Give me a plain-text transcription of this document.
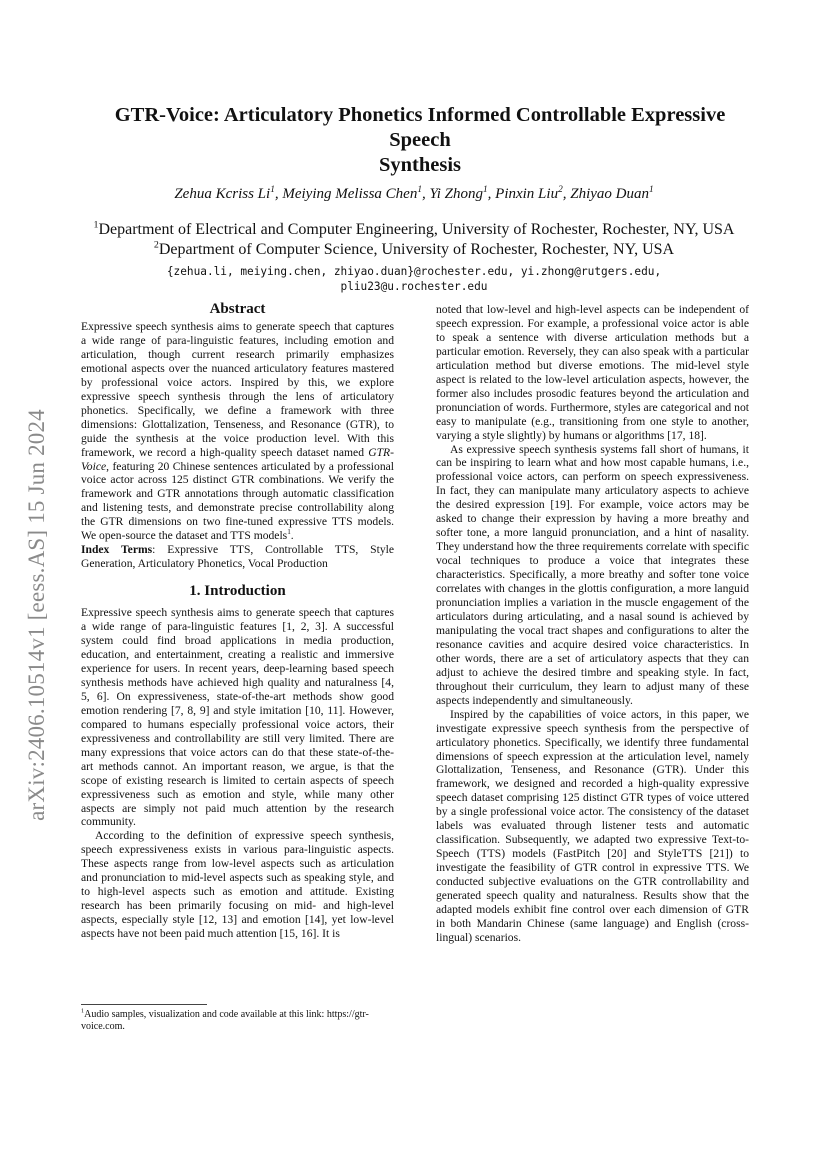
arXiv:2406.10514v1 [eess.AS] 15 Jun 2024
GTR-Voice: Articulatory Phonetics Informed Controllable Expressive Speech
Synthesis
Zehua Kcriss Li$^1$, Meiying Melissa Chen$^1$, Yi Zhong$^1$, Pinxin Liu$^2$, Zhiyao Duan$^1$
$^1$Department of Electrical and Computer Engineering, University of Rochester, Rochester, NY, USA
$^2$Department of Computer Science, University of Rochester, Rochester, NY, USA
{zehua.li, meiying.chen, zhiyao.duan}@rochester.edu, yi.zhong@rutgers.edu,
pliu23@u.rochester.edu
Abstract

Expressive speech synthesis aims to generate speech that captures a wide range of para-linguistic features, including emotion and articulation, though current research primarily emphasizes emotional aspects over the nuanced articulatory features mastered by professional voice actors. Inspired by this, we explore expressive speech synthesis through the lens of articulatory phonetics. Specifically, we define a framework with three dimensions: Glottalization, Tenseness, and Resonance (GTR), to guide the synthesis at the voice production level. With this framework, we record a high-quality speech dataset named GTR-Voice, featuring 20 Chinese sentences articulated by a professional voice actor across 125 distinct GTR combinations. We verify the framework and GTR annotations through automatic classification and listening tests, and demonstrate precise controllability along the GTR dimensions on two fine-tuned expressive TTS models. We open-source the dataset and TTS models$^1$.

Index Terms: Expressive TTS, Controllable TTS, Style Generation, Articulatory Phonetics, Vocal Production

1. Introduction

Expressive speech synthesis aims to generate speech that captures a wide range of para-linguistic features [1, 2, 3]. A successful system could find broad applications in media production, education, and entertainment, creating a realistic and immersive experience for users. In recent years, deep-learning based speech synthesis methods have achieved high quality and naturalness [4, 5, 6]. On expressiveness, state-of-the-art methods show good emotion rendering [7, 8, 9] and style imitation [10, 11]. However, compared to humans especially professional voice actors, their expressiveness and controllability are still very limited. There are many expressions that voice actors can do that these state-of-the-art methods cannot. An important reason, we argue, is that the scope of existing research is limited to certain aspects of speech expressiveness such as emotion and style, while many other aspects are simply not paid much attention by the research community.

According to the definition of expressive speech synthesis, speech expressiveness exists in various para-linguistic aspects. These aspects range from low-level aspects such as articulation and pronunciation to mid-level aspects such as speaking style, and to high-level aspects such as emotion and attitude. Existing research has been primarily focusing on mid- and high-level aspects, especially style [12, 13] and emotion [14], yet low-level aspects have not been paid much attention [15, 16]. It is

$^1$Audio samples, visualization and code available at this link: https://gtr-voice.com.

noted that low-level and high-level aspects can be independent of speech expression. For example, a professional voice actor is able to speak a sentence with diverse articulation methods but a particular emotion. Reversely, they can also speak with a particular articulation method but diverse emotions. The mid-level style aspect is related to the low-level articulation aspects, however, the former also includes prosodic features beyond the articulation and pronunciation of words. Furthermore, styles are categorical and not easy to manipulate (e.g., transitioning from one style to another, varying a style slightly) by humans or algorithms [17, 18].

As expressive speech synthesis systems fall short of humans, it can be inspiring to learn what and how most capable humans, i.e., professional voice actors, can perform on speech expressiveness. In fact, they can manipulate many articulatory aspects to achieve the desired expression [19]. For example, voice actors may be asked to change their expression by having a more breathy and softer tone, a more languid pronunciation, and a hint of nasality. They understand how the three requirements correlate with specific vocal techniques to produce a voice that integrates these characteristics. Specifically, a more breathy and softer tone voice correlates with changes in the glottis configuration, a more languid pronunciation implies a variation in the muscle engagement of the articulators during articulating, and a nasal sound is achieved by manipulating the vocal tract shapes and configurations to alter the resonance cavities and acquire desired voice characteristics. In other words, there are a set of articulatory aspects that they can adjust to achieve the desired timbre and speaking style. In fact, throughout their curriculum, they learn to adjust many of these aspects independently and simultaneously.

Inspired by the capabilities of voice actors, in this paper, we investigate expressive speech synthesis from the perspective of articulatory phonetics. Specifically, we identify three fundamental dimensions of speech expression at the articulation level, namely Glottalization, Tenseness, and Resonance (GTR). Under this framework, we designed and recorded a high-quality expressive speech dataset comprising 125 distinct GTR types of voice uttered by a single professional voice actor. The consistency of the dataset labels was evaluated through listener tests and automatic classification. Subsequently, we adapted two expressive Text-to-Speech (TTS) models (FastPitch [20] and StyleTTS [21]) to investigate the feasibility of GTR control in expressive TTS. We conducted subjective evaluations on the GTR controllability and generated speech quality and naturalness. Results show that the adapted models exhibit fine control over each dimension of GTR in both Mandarin Chinese (same language) and English (cross-lingual) scenarios.
